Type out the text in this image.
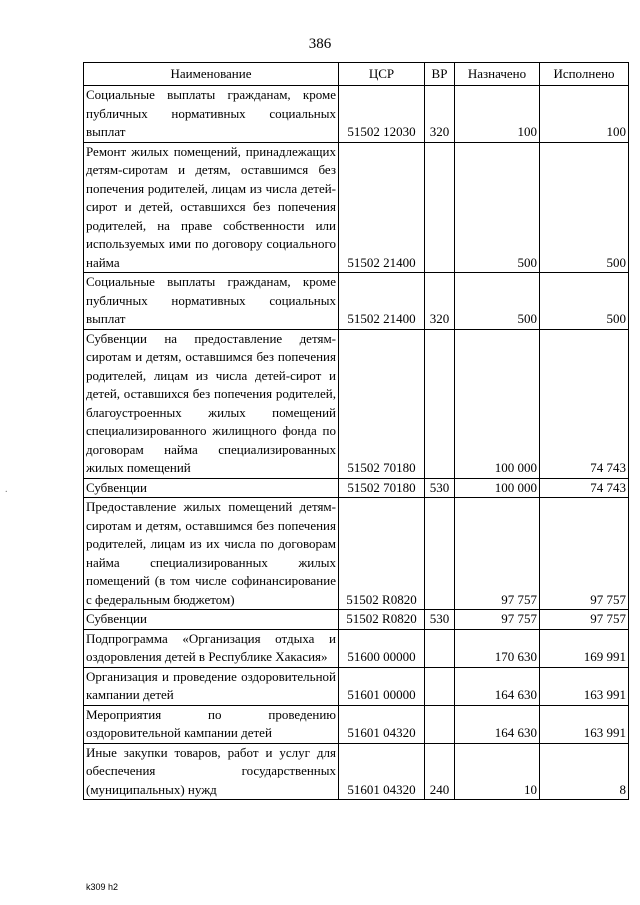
386
Наименование	ЦСР	ВР	Назначено	Исполнено
Социальные выплаты гражданам, кроме публичных нормативных социальных выплат	51502 12030	320	100	100
Ремонт жилых помещений, принадлежащих детям-сиротам и детям, оставшимся без попечения родителей, лицам из числа детей-сирот и детей, оставшихся без попечения родителей, на праве собственности или используемых ими по договору социального найма	51502 21400		500	500
Социальные выплаты гражданам, кроме публичных нормативных социальных выплат	51502 21400	320	500	500
Субвенции на предоставление детям-сиротам и детям, оставшимся без попечения родителей, лицам из числа детей-сирот и детей, оставшихся без попечения родителей, благоустроенных жилых помещений специализированного жилищного фонда по договорам найма специализированных жилых помещений	51502 70180		100 000	74 743
Субвенции	51502 70180	530	100 000	74 743
Предоставление жилых помещений детям-сиротам и детям, оставшимся без попечения родителей, лицам из их числа по договорам найма специализированных жилых помещений (в том числе софинансирование с федеральным бюджетом)	51502 R0820		97 757	97 757
Субвенции	51502 R0820	530	97 757	97 757
Подпрограмма «Организация отдыха и оздоровления детей в Республике Хакасия»	51600 00000		170 630	169 991
Организация и проведение оздоровительной кампании детей	51601 00000		164 630	163 991
Мероприятия по проведению оздоровительной кампании детей	51601 04320		164 630	163 991
Иные закупки товаров, работ и услуг для обеспечения государственных (муниципальных) нужд	51601 04320	240	10	8
.
k309 h2
